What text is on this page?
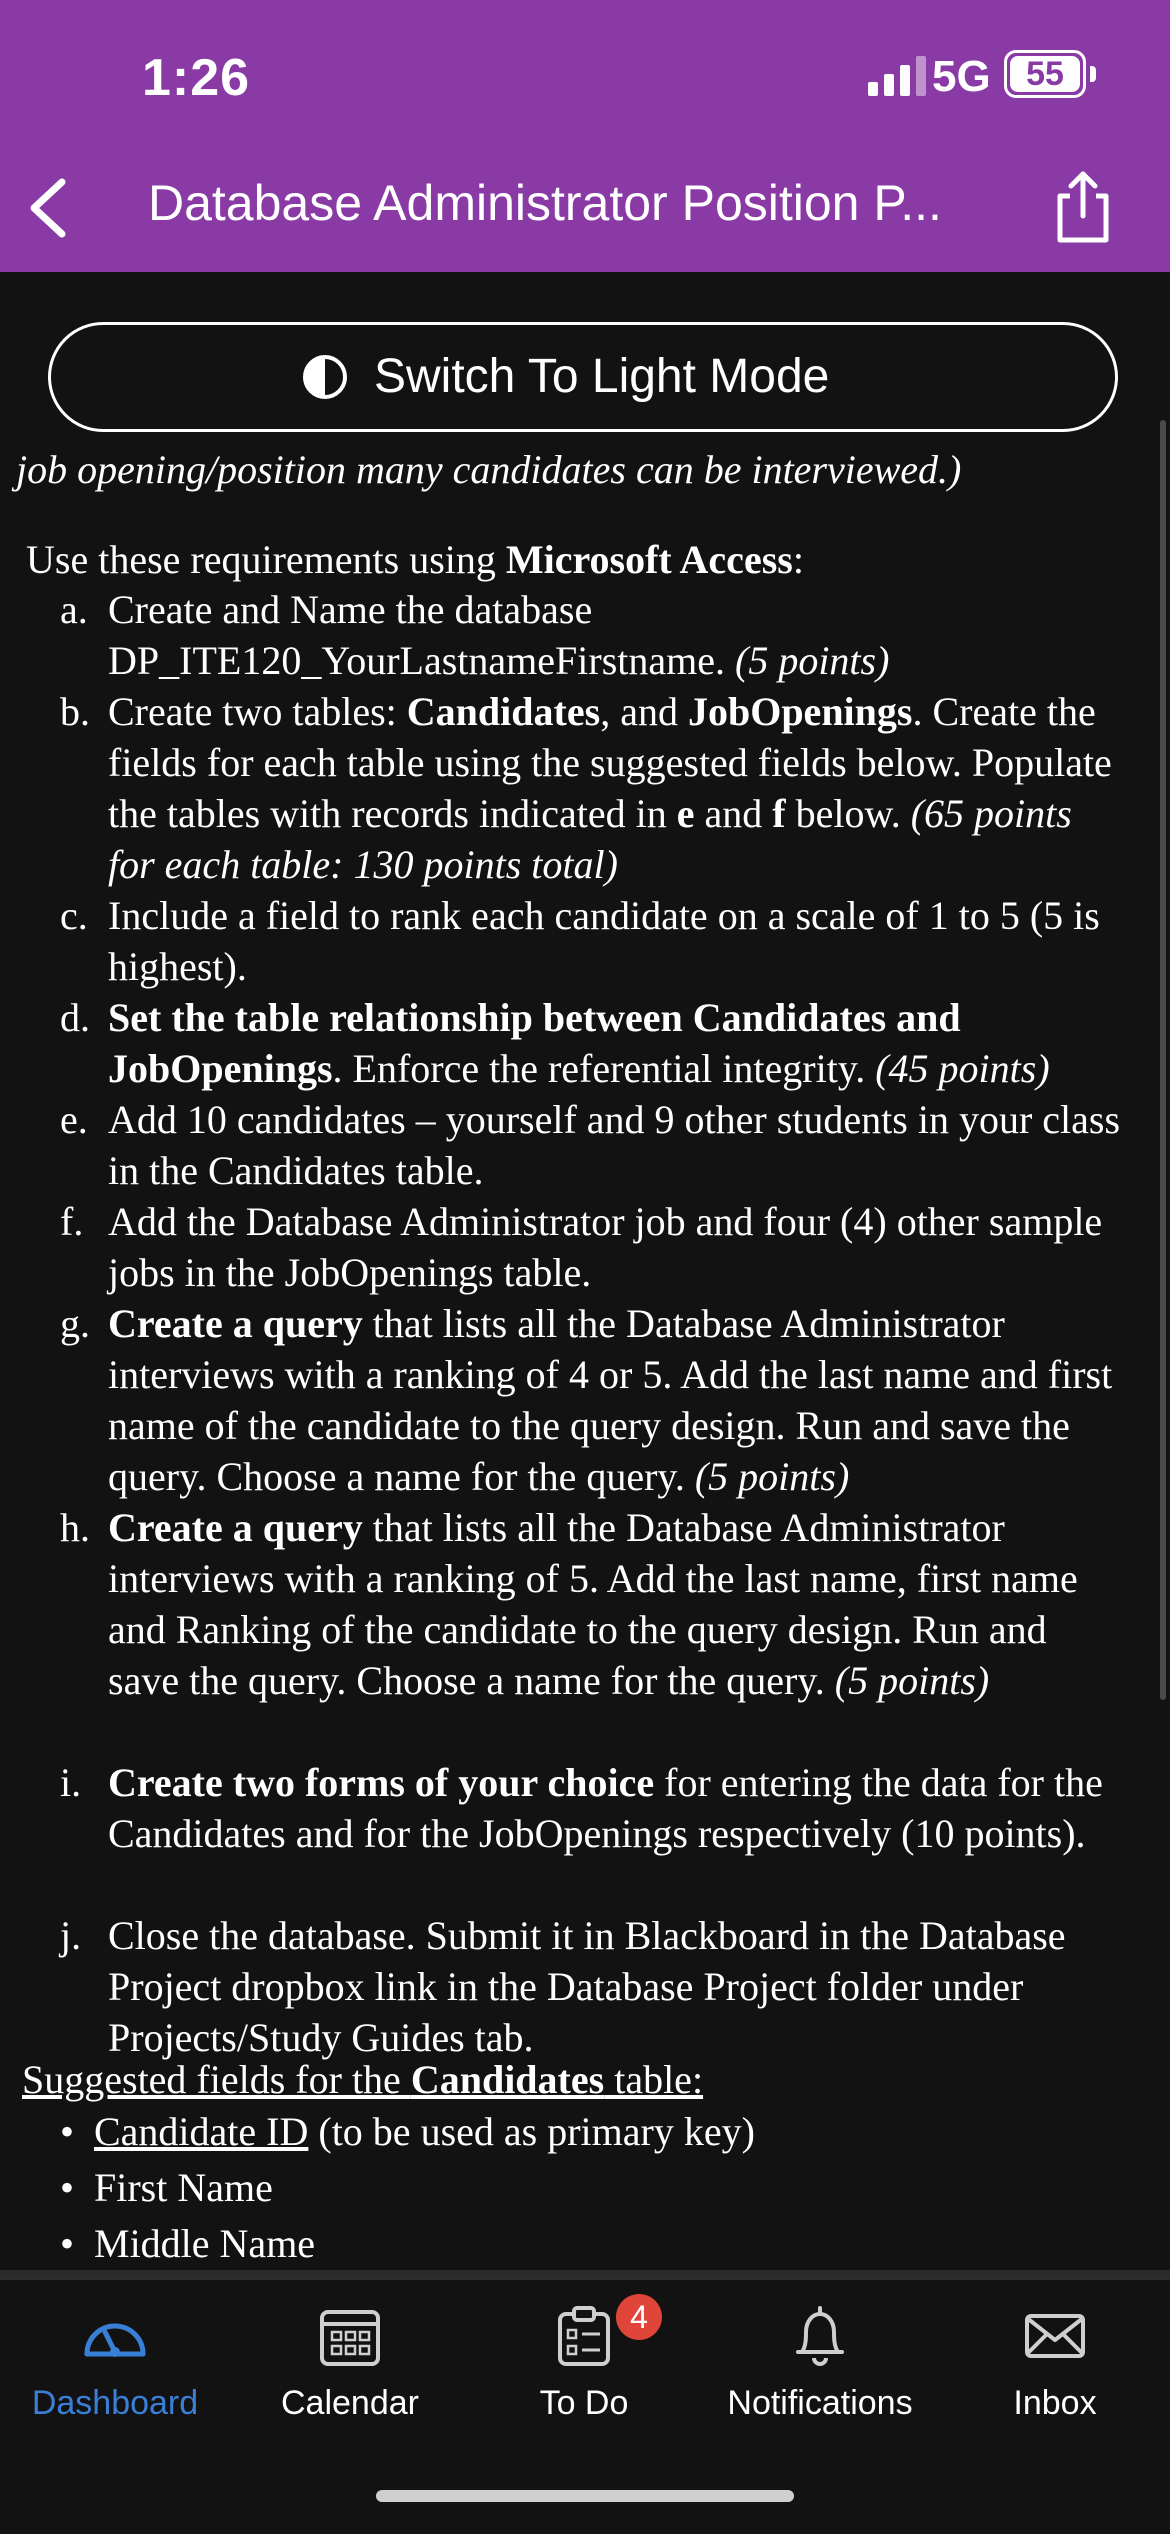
1:26	5G	55
Database Administrator Position P...
Switch To Light Mode
job opening/position many candidates can be interviewed.)
Use these requirements using Microsoft Access:
a. Create and Name the database DP_ITE120_YourLastnameFirstname. (5 points)
b. Create two tables: Candidates, and JobOpenings. Create the fields for each table using the suggested fields below. Populate the tables with records indicated in e and f below. (65 points for each table: 130 points total)
c. Include a field to rank each candidate on a scale of 1 to 5 (5 is highest).
d. Set the table relationship between Candidates and JobOpenings. Enforce the referential integrity. (45 points)
e. Add 10 candidates – yourself and 9 other students in your class in the Candidates table.
f. Add the Database Administrator job and four (4) other sample jobs in the JobOpenings table.
g. Create a query that lists all the Database Administrator interviews with a ranking of 4 or 5. Add the last name and first name of the candidate to the query design. Run and save the query. Choose a name for the query. (5 points)
h. Create a query that lists all the Database Administrator interviews with a ranking of 5. Add the last name, first name and Ranking of the candidate to the query design. Run and save the query. Choose a name for the query. (5 points)
i. Create two forms of your choice for entering the data for the Candidates and for the JobOpenings respectively (10 points).
j. Close the database. Submit it in Blackboard in the Database Project dropbox link in the Database Project folder under Projects/Study Guides tab.
Suggested fields for the Candidates table:
• Candidate ID (to be used as primary key)
• First Name
• Middle Name
Dashboard	Calendar	To Do
4
Notifications	Inbox
